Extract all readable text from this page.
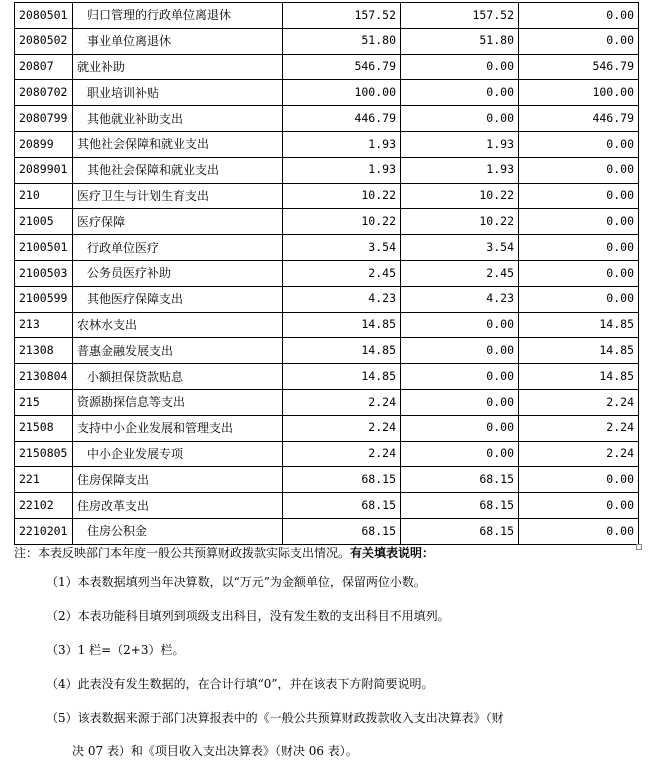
2080501	归口管理的行政单位离退休	157.52	157.52	0.00
2080502	事业单位离退休	51.80	51.80	0.00
20807	就业补助	546.79	0.00	546.79
2080702	职业培训补贴	100.00	0.00	100.00
2080799	其他就业补助支出	446.79	0.00	446.79
20899	其他社会保障和就业支出	1.93	1.93	0.00
2089901	其他社会保障和就业支出	1.93	1.93	0.00
210	医疗卫生与计划生育支出	10.22	10.22	0.00
21005	医疗保障	10.22	10.22	0.00
2100501	行政单位医疗	3.54	3.54	0.00
2100503	公务员医疗补助	2.45	2.45	0.00
2100599	其他医疗保障支出	4.23	4.23	0.00
213	农林水支出	14.85	0.00	14.85
21308	普惠金融发展支出	14.85	0.00	14.85
2130804	小额担保贷款贴息	14.85	0.00	14.85
215	资源勘探信息等支出	2.24	0.00	2.24
21508	支持中小企业发展和管理支出	2.24	0.00	2.24
2150805	中小企业发展专项	2.24	0.00	2.24
221	住房保障支出	68.15	68.15	0.00
22102	住房改革支出	68.15	68.15	0.00
2210201	住房公积金	68.15	68.15	0.00
注：本表反映部门本年度一般公共预算财政拨款实际支出情况。有关填表说明：
（1）本表数据填列当年决算数，以“万元”为金额单位，保留两位小数。
（2）本表功能科目填列到项级支出科目，没有发生数的支出科目不用填列。
（3）1 栏=（2+3）栏。
（4）此表没有发生数据的，在合计行填“0”，并在该表下方附简要说明。
（5）该表数据来源于部门决算报表中的《一般公共预算财政拨款收入支出决算表》（财
决 07 表）和《项目收入支出决算表》（财决 06 表）。
